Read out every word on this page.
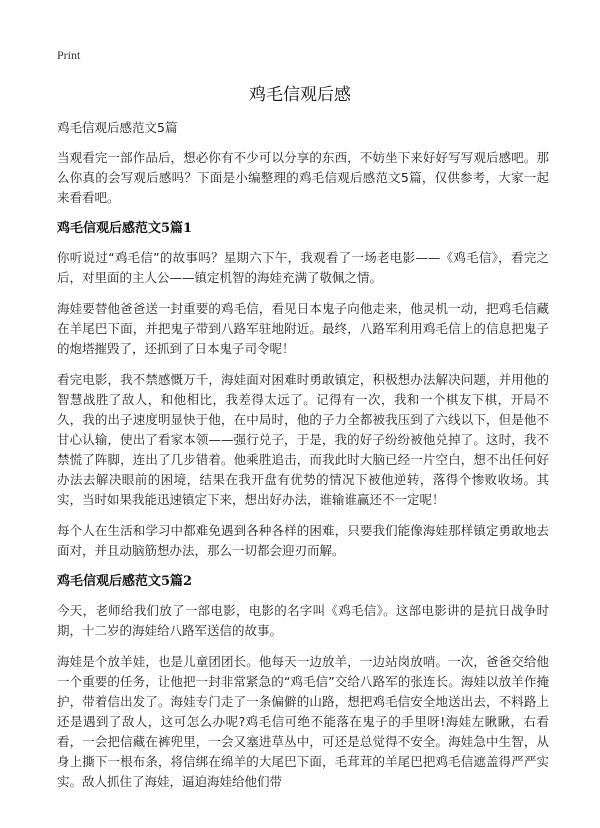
Print
鸡毛信观后感
鸡毛信观后感范文5篇

当观看完一部作品后，想必你有不少可以分享的东西，不妨坐下来好好写写观后感吧。那么你真的会写观后感吗？下面是小编整理的鸡毛信观后感范文5篇，仅供参考，大家一起来看看吧。

鸡毛信观后感范文5篇1

你听说过“鸡毛信”的故事吗？星期六下午，我观看了一场老电影——《鸡毛信》，看完之后，对里面的主人公——镇定机智的海娃充满了敬佩之情。

海娃要替他爸爸送一封重要的鸡毛信，看见日本鬼子向他走来，他灵机一动，把鸡毛信藏在羊尾巴下面，并把鬼子带到八路军驻地附近。最终，八路军利用鸡毛信上的信息把鬼子的炮塔摧毁了，还抓到了日本鬼子司令呢！

看完电影，我不禁感慨万千，海娃面对困难时勇敢镇定，积极想办法解决问题，并用他的智慧战胜了敌人，和他相比，我差得太远了。记得有一次，我和一个棋友下棋，开局不久，我的出子速度明显快于他，在中局时，他的子力全都被我压到了六线以下，但是他不甘心认输，使出了看家本领——强行兑子，于是，我的好子纷纷被他兑掉了。这时，我不禁慌了阵脚，连出了几步错着。他乘胜追击，而我此时大脑已经一片空白，想不出任何好办法去解决眼前的困境，结果在我开盘有优势的情况下被他逆转，落得个惨败收场。其实，当时如果我能迅速镇定下来，想出好办法，谁输谁赢还不一定呢！

每个人在生活和学习中都难免遇到各种各样的困难，只要我们能像海娃那样镇定勇敢地去面对，并且动脑筋想办法，那么一切都会迎刃而解。

鸡毛信观后感范文5篇2

今天，老师给我们放了一部电影，电影的名字叫《鸡毛信》。这部电影讲的是抗日战争时期，十二岁的海娃给八路军送信的故事。

海娃是个放羊娃，也是儿童团团长。他每天一边放羊，一边站岗放哨。一次，爸爸交给他一个重要的任务，让他把一封非常紧急的“鸡毛信”交给八路军的张连长。海娃以放羊作掩护，带着信出发了。海娃专门走了一条偏僻的山路，想把鸡毛信安全地送出去，不料路上还是遇到了敌人，这可怎么办呢?鸡毛信可绝不能落在鬼子的手里呀!海娃左瞅瞅，右看看，一会把信藏在裤兜里，一会又塞进草丛中，可还是总觉得不安全。海娃急中生智，从身上撕下一根布条，将信绑在绵羊的大尾巴下面，毛茸茸的羊尾巴把鸡毛信遮盖得严严实实。敌人抓住了海娃，逼迫海娃给他们带
